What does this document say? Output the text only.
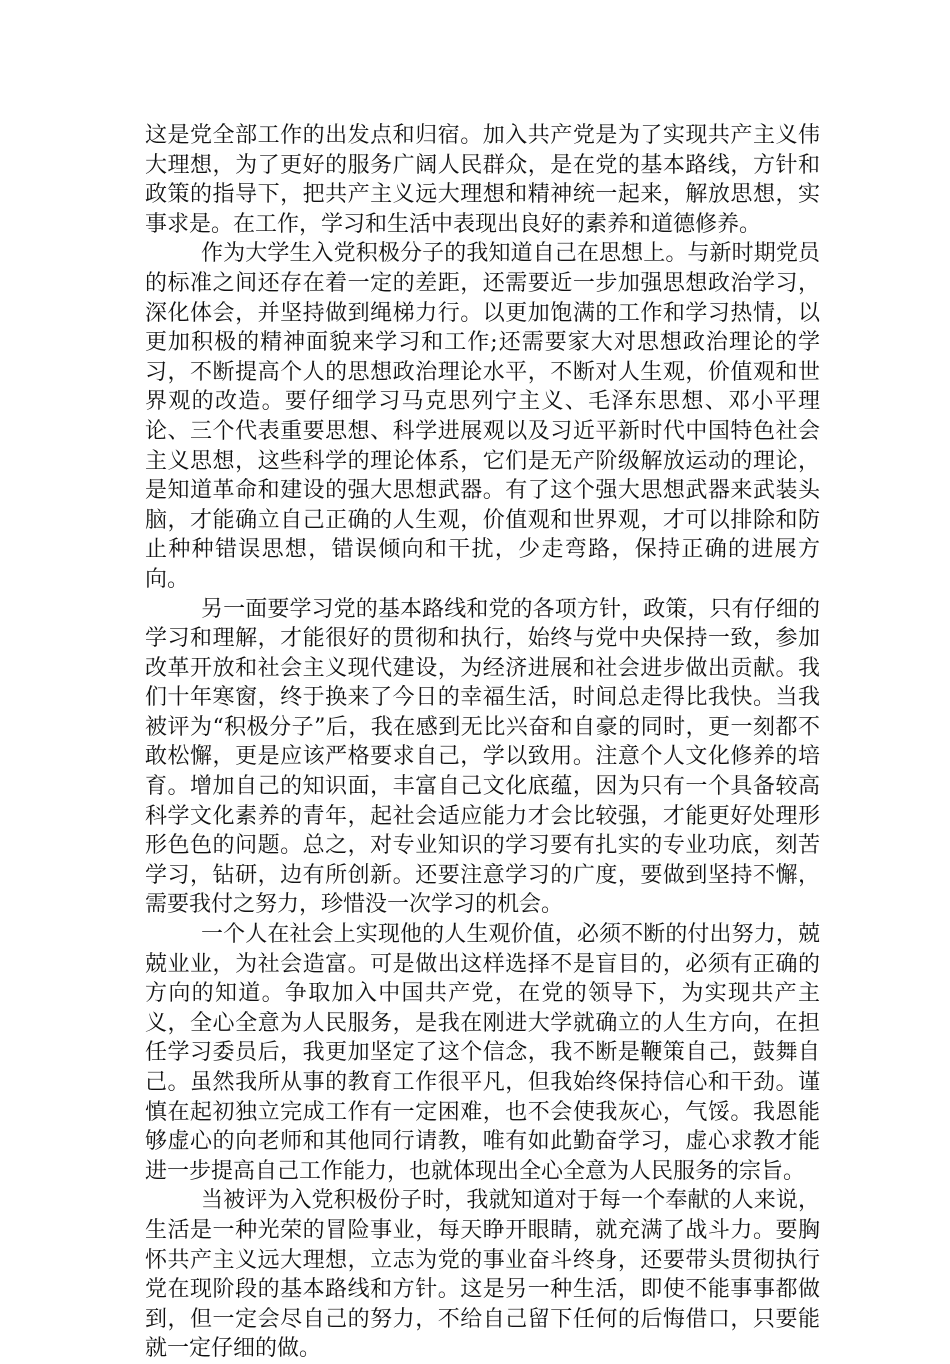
这是党全部工作的出发点和归宿。加入共产党是为了实现共产主义伟大理想，为了更好的服务广阔人民群众，是在党的基本路线，方针和政策的指导下，把共产主义远大理想和精神统一起来，解放思想，实事求是。在工作，学习和生活中表现出良好的素养和道德修养。

作为大学生入党积极分子的我知道自己在思想上。与新时期党员的标准之间还存在着一定的差距，还需要近一步加强思想政治学习，深化体会，并坚持做到绳梯力行。以更加饱满的工作和学习热情，以更加积极的精神面貌来学习和工作;还需要家大对思想政治理论的学习，不断提高个人的思想政治理论水平，不断对人生观，价值观和世界观的改造。要仔细学习马克思列宁主义、毛泽东思想、邓小平理论、三个代表重要思想、科学进展观以及习近平新时代中国特色社会主义思想，这些科学的理论体系，它们是无产阶级解放运动的理论，是知道革命和建设的强大思想武器。有了这个强大思想武器来武装头脑，才能确立自己正确的人生观，价值观和世界观，才可以排除和防止种种错误思想，错误倾向和干扰，少走弯路，保持正确的进展方向。

另一面要学习党的基本路线和党的各项方针，政策，只有仔细的学习和理解，才能很好的贯彻和执行，始终与党中央保持一致，参加改革开放和社会主义现代建设，为经济进展和社会进步做出贡献。我们十年寒窗，终于换来了今日的幸福生活，时间总走得比我快。当我被评为“积极分子”后，我在感到无比兴奋和自豪的同时，更一刻都不敢松懈，更是应该严格要求自己，学以致用。注意个人文化修养的培育。增加自己的知识面，丰富自己文化底蕴，因为只有一个具备较高科学文化素养的青年，起社会适应能力才会比较强，才能更好处理形形色色的问题。总之，对专业知识的学习要有扎实的专业功底，刻苦学习，钻研，边有所创新。还要注意学习的广度，要做到坚持不懈，需要我付之努力，珍惜没一次学习的机会。

一个人在社会上实现他的人生观价值，必须不断的付出努力，兢兢业业，为社会造富。可是做出这样选择不是盲目的，必须有正确的方向的知道。争取加入中国共产党，在党的领导下，为实现共产主义，全心全意为人民服务，是我在刚进大学就确立的人生方向，在担任学习委员后，我更加坚定了这个信念，我不断是鞭策自己，鼓舞自己。虽然我所从事的教育工作很平凡，但我始终保持信心和干劲。谨慎在起初独立完成工作有一定困难，也不会使我灰心，气馁。我恩能够虚心的向老师和其他同行请教，唯有如此勤奋学习，虚心求教才能进一步提高自己工作能力，也就体现出全心全意为人民服务的宗旨。

当被评为入党积极份子时，我就知道对于每一个奉献的人来说，生活是一种光荣的冒险事业，每天睁开眼睛，就充满了战斗力。要胸怀共产主义远大理想，立志为党的事业奋斗终身，还要带头贯彻执行党在现阶段的基本路线和方针。这是另一种生活，即使不能事事都做到，但一定会尽自己的努力，不给自己留下任何的后悔借口，只要能就一定仔细的做。
